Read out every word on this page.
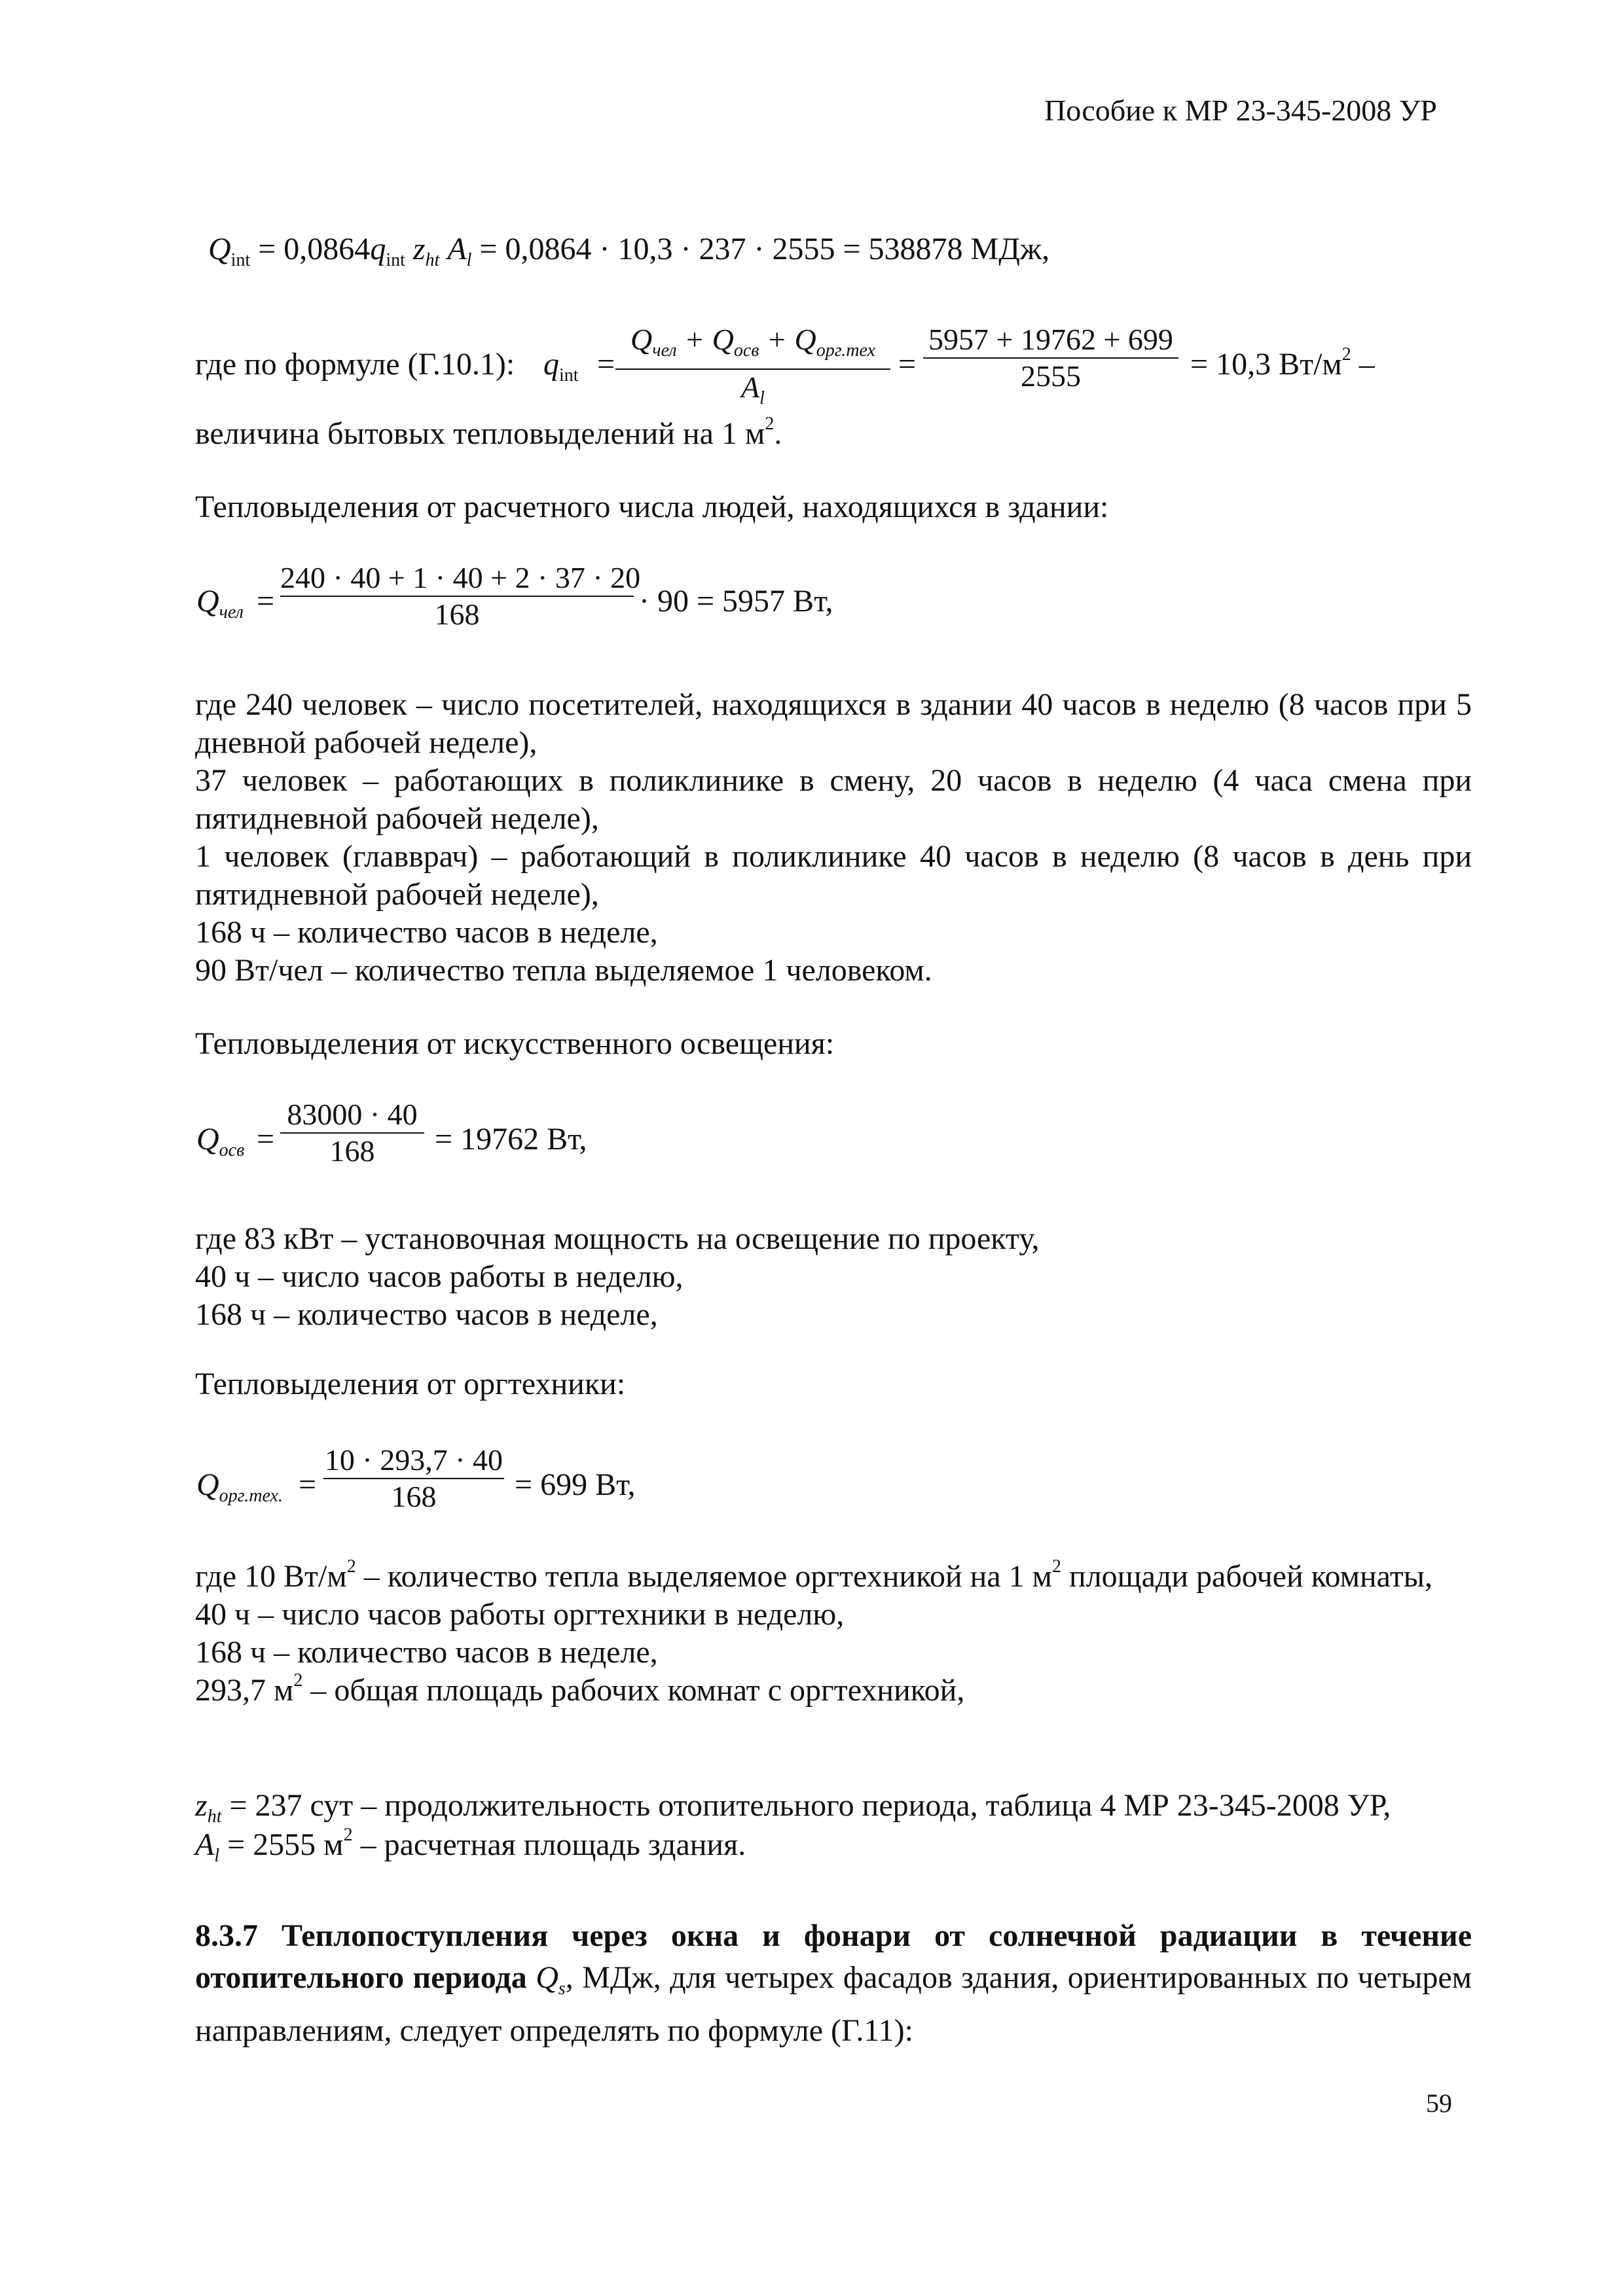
Пособие к МР 23-345-2008 УР
$Q_{int} = 0,0864q_{int}$ $z_{ht}$ $A_l = 0,0864 \cdot 10,3 \cdot 237 \cdot 2555 = 538878$ МДж,
где по формуле (Г.10.1): $q_{int}$ =
$Q_{чел} + Q_{осв} + Q_{орг.тех}$
$A_l$
=
5957 + 19762 + 699
2555	= 10,3 $Вт/м^2$ –
величина бытовых тепловыделений на 1 $м^2$.
Тепловыделения от расчетного числа людей, находящихся в здании:
$Q_{чел}$ =
240 · 40 + 1 · 40 + 2 · 37 · 20
168	· 90 = 5957 Вт,

где 240 человек – число посетителей, находящихся в здании 40 часов в неделю (8 часов при 5 дневной рабочей неделе),

37 человек – работающих в поликлинике в смену, 20 часов в неделю (4 часа смена при пятидневной рабочей неделе),

1 человек (главврач) – работающий в поликлинике 40 часов в неделю (8 часов в день при пятидневной рабочей неделе),

168 ч – количество часов в неделе,

90 Вт/чел – количество тепла выделяемое 1 человеком.

Тепловыделения от искусственного освещения:
$Q_{осв}$ =
83000 · 40
168	= 19762 Вт,

где 83 кВт – установочная мощность на освещение по проекту,

40 ч – число часов работы в неделю,

168 ч – количество часов в неделе,

Тепловыделения от оргтехники:
$Q_{орг.тех.}$ =
10 · 293,7 · 40
168	= 699 Вт,

где 10 $Вт/м^2$ – количество тепла выделяемое оргтехникой на 1 $м^2$ площади рабочей комнаты,

40 ч – число часов работы оргтехники в неделю,

168 ч – количество часов в неделе,

293,7 $м^2$ – общая площадь рабочих комнат с оргтехникой,

$z_{ht} = 237$ сут – продолжительность отопительного периода, таблица 4 МР 23-345-2008 УР,
$A_l = 2555$ $м^2$ – расчетная площадь здания.

8.3.7 Теплопоступления через окна и фонари от солнечной радиации в течение отопительного периода $Q_s$, МДж, для четырех фасадов здания, ориентированных по четырем направлениям, следует определять по формуле (Г.11):

59
